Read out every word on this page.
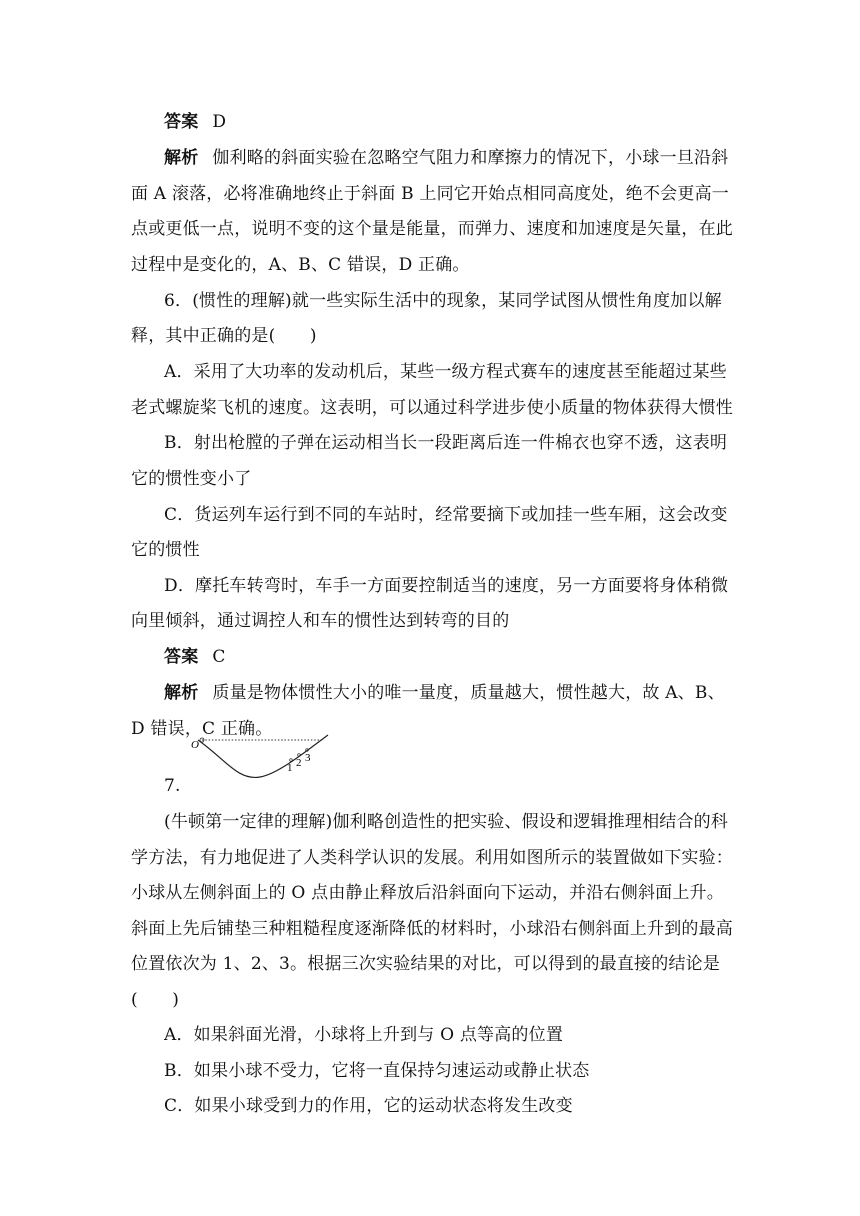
答案 D
解析 伽利略的斜面实验在忽略空气阻力和摩擦力的情况下，小球一旦沿斜
面 A 滚落，必将准确地终止于斜面 B 上同它开始点相同高度处，绝不会更高一
点或更低一点，说明不变的这个量是能量，而弹力、速度和加速度是矢量，在此
过程中是变化的，A、B、C 错误，D 正确。
6．(惯性的理解)就一些实际生活中的现象，某同学试图从惯性角度加以解
释，其中正确的是(　　)
A．采用了大功率的发动机后，某些一级方程式赛车的速度甚至能超过某些
老式螺旋桨飞机的速度。这表明，可以通过科学进步使小质量的物体获得大惯性
B．射出枪膛的子弹在运动相当长一段距离后连一件棉衣也穿不透，这表明
它的惯性变小了
C．货运列车运行到不同的车站时，经常要摘下或加挂一些车厢，这会改变
它的惯性
D．摩托车转弯时，车手一方面要控制适当的速度，另一方面要将身体稍微
向里倾斜，通过调控人和车的惯性达到转弯的目的
答案 C
解析 质量是物体惯性大小的唯一量度，质量越大，惯性越大，故 A、B、
D 错误，C 正确。
O
1 2 3
7.
(牛顿第一定律的理解)伽利略创造性的把实验、假设和逻辑推理相结合的科
学方法，有力地促进了人类科学认识的发展。利用如图所示的装置做如下实验：
小球从左侧斜面上的 O 点由静止释放后沿斜面向下运动，并沿右侧斜面上升。
斜面上先后铺垫三种粗糙程度逐渐降低的材料时，小球沿右侧斜面上升到的最高
位置依次为 1、2、3。根据三次实验结果的对比，可以得到的最直接的结论是
(　　)
A．如果斜面光滑，小球将上升到与 O 点等高的位置
B．如果小球不受力，它将一直保持匀速运动或静止状态
C．如果小球受到力的作用，它的运动状态将发生改变
